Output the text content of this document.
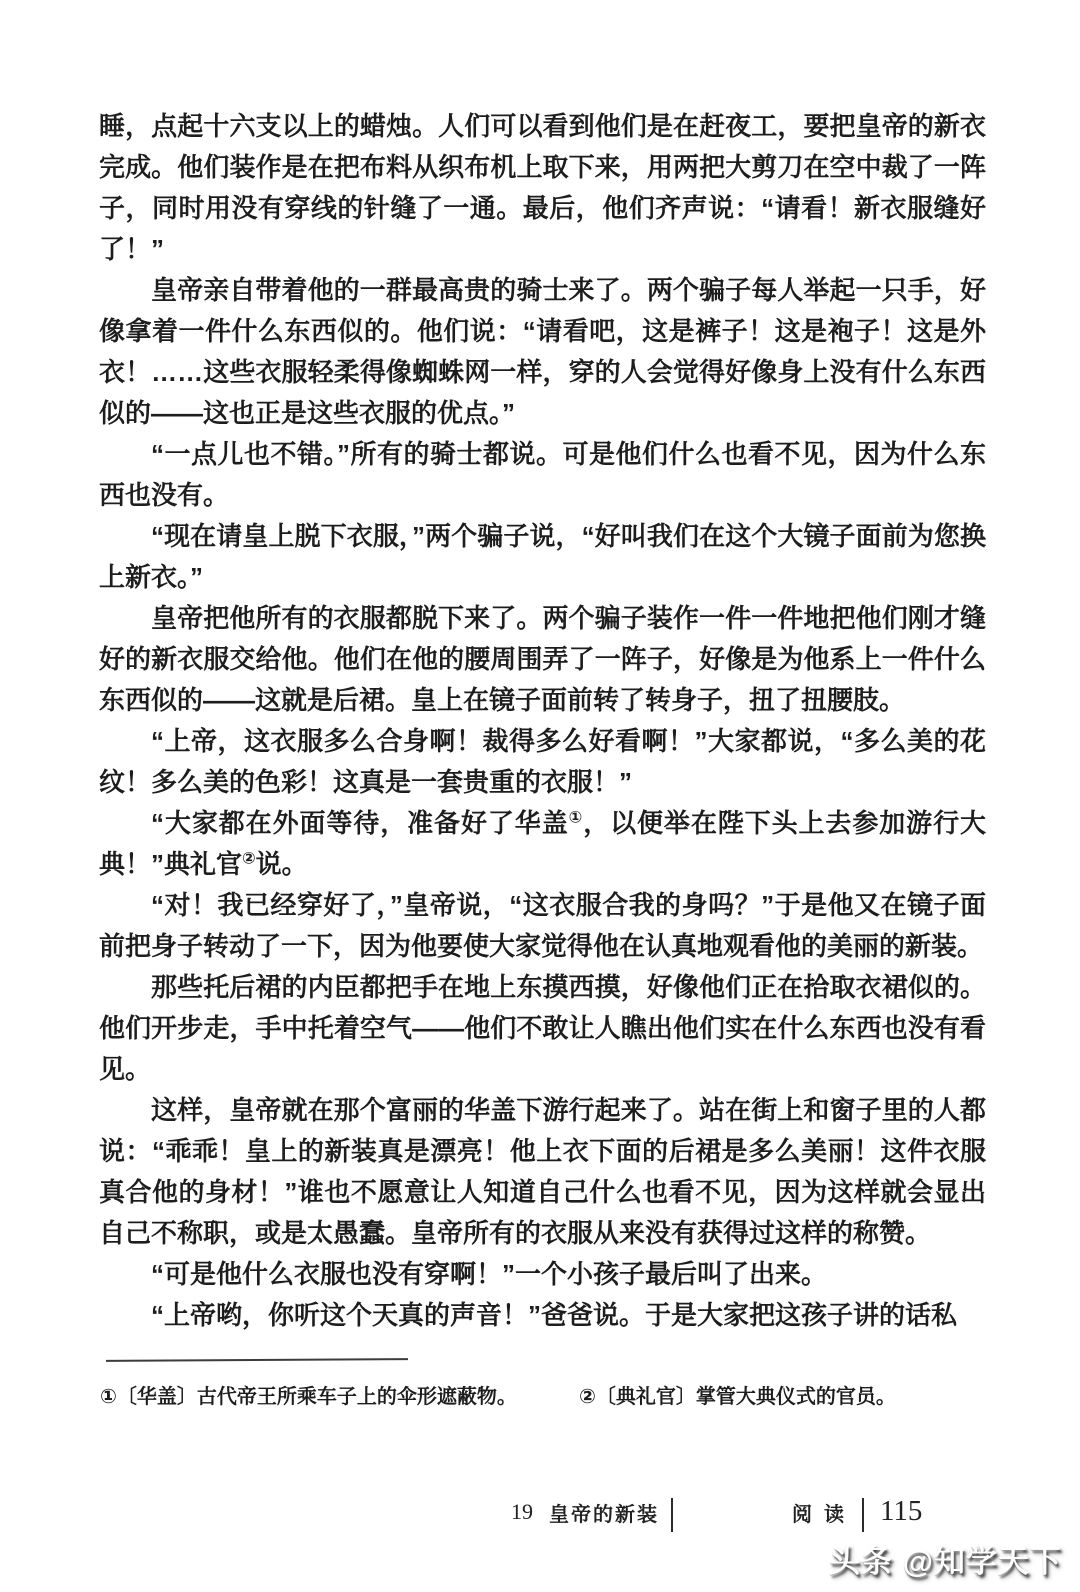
睡，点起十六支以上的蜡烛。人们可以看到他们是在赶夜工，要把皇帝的新衣完成。他们装作是在把布料从织布机上取下来，用两把大剪刀在空中裁了一阵子，同时用没有穿线的针缝了一通。最后，他们齐声说：“请看！新衣服缝好了！”

皇帝亲自带着他的一群最高贵的骑士来了。两个骗子每人举起一只手，好像拿着一件什么东西似的。他们说：“请看吧，这是裤子！这是袍子！这是外衣！……这些衣服轻柔得像蜘蛛网一样，穿的人会觉得好像身上没有什么东西似的——这也正是这些衣服的优点。”

“一点儿也不错。”所有的骑士都说。可是他们什么也看不见，因为什么东西也没有。

“现在请皇上脱下衣服，”两个骗子说，“好叫我们在这个大镜子面前为您换上新衣。”

皇帝把他所有的衣服都脱下来了。两个骗子装作一件一件地把他们刚才缝好的新衣服交给他。他们在他的腰周围弄了一阵子，好像是为他系上一件什么东西似的——这就是后裙。皇上在镜子面前转了转身子，扭了扭腰肢。

“上帝，这衣服多么合身啊！裁得多么好看啊！”大家都说，“多么美的花纹！多么美的色彩！这真是一套贵重的衣服！”

“大家都在外面等待，准备好了华盖①，以便举在陛下头上去参加游行大典！”典礼官②说。

“对！我已经穿好了，”皇帝说，“这衣服合我的身吗？”于是他又在镜子面前把身子转动了一下，因为他要使大家觉得他在认真地观看他的美丽的新装。

那些托后裙的内臣都把手在地上东摸西摸，好像他们正在拾取衣裙似的。他们开步走，手中托着空气——他们不敢让人瞧出他们实在什么东西也没有看见。

这样，皇帝就在那个富丽的华盖下游行起来了。站在街上和窗子里的人都说：“乖乖！皇上的新装真是漂亮！他上衣下面的后裙是多么美丽！这件衣服真合他的身材！”谁也不愿意让人知道自己什么也看不见，因为这样就会显出自己不称职，或是太愚蠢。皇帝所有的衣服从来没有获得过这样的称赞。

“可是他什么衣服也没有穿啊！”一个小孩子最后叫了出来。

“上帝哟，你听这个天真的声音！”爸爸说。于是大家把这孩子讲的话私

①〔华盖〕古代帝王所乘车子上的伞形遮蔽物。	②〔典礼官〕掌管大典仪式的官员。
19 皇帝的新装	阅读 115
头条 @知学天下
